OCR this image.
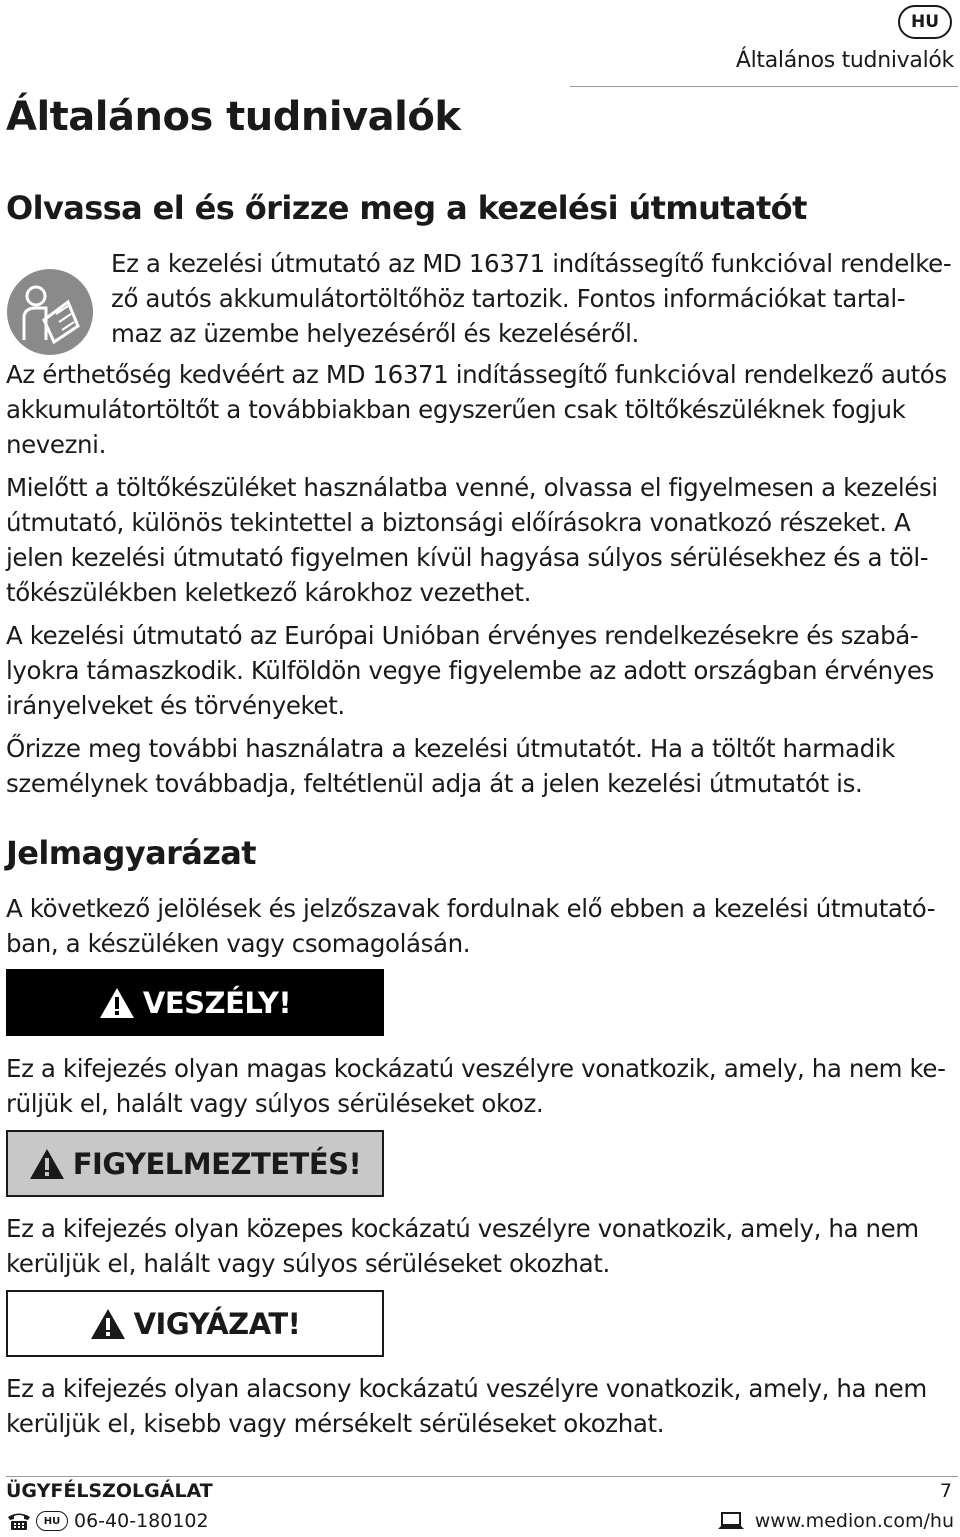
HU
Általános tudnivalók
Általános tudnivalók
Olvassa el és őrizze meg a kezelési útmutatót

Ez a kezelési útmutató az MD 16371 indítássegítő funkcióval rendelke-

ző autós akkumulátortöltőhöz tartozik. Fontos információkat tartal-

maz az üzembe helyezéséről és kezeléséről.

Az érthetőség kedvéért az MD 16371 indítássegítő funkcióval rendelkező autós

akkumulátortöltőt a továbbiakban egyszerűen csak töltőkészüléknek fogjuk

nevezni.

Mielőtt a töltőkészüléket használatba venné, olvassa el figyelmesen a kezelési

útmutató, különös tekintettel a biztonsági előírásokra vonatkozó részeket. A

jelen kezelési útmutató figyelmen kívül hagyása súlyos sérülésekhez és a töl-

tőkészülékben keletkező károkhoz vezethet.

A kezelési útmutató az Európai Unióban érvényes rendelkezésekre és szabá-

lyokra támaszkodik. Külföldön vegye figyelembe az adott országban érvényes

irányelveket és törvényeket.

Őrizze meg további használatra a kezelési útmutatót. Ha a töltőt harmadik

személynek továbbadja, feltétlenül adja át a jelen kezelési útmutatót is.

Jelmagyarázat

A következő jelölések és jelzőszavak fordulnak elő ebben a kezelési útmutató-

ban, a készüléken vagy csomagolásán.

VESZÉLY!

Ez a kifejezés olyan magas kockázatú veszélyre vonatkozik, amely, ha nem ke-

rüljük el, halált vagy súlyos sérüléseket okoz.

FIGYELMEZTETÉS!

Ez a kifejezés olyan közepes kockázatú veszélyre vonatkozik, amely, ha nem

kerüljük el, halált vagy súlyos sérüléseket okozhat.

VIGYÁZAT!

Ez a kifejezés olyan alacsony kockázatú veszélyre vonatkozik, amely, ha nem

kerüljük el, kisebb vagy mérsékelt sérüléseket okozhat.

ÜGYFÉLSZOLGÁLAT	7
HU 06-40-180102	www.medion.com/hu
